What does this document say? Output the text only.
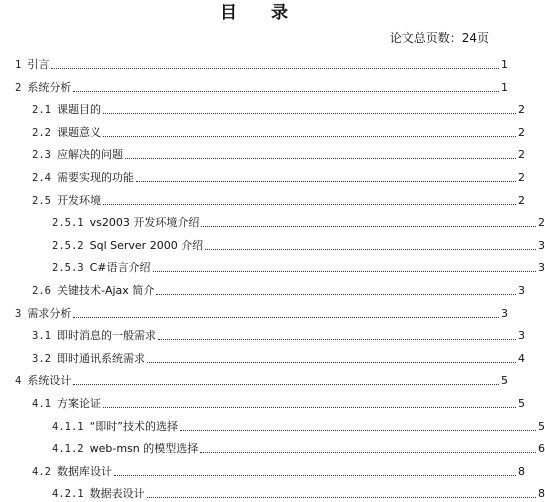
目 录
论文总页数：24页
1 引言	1
2 系统分析	1
2.1 课题目的	2
2.2 课题意义	2
2.3 应解决的问题	2
2.4 需要实现的功能	2
2.5 开发环境	2
2.5.1 vs2003 开发环境介绍	2
2.5.2 Sql Server 2000 介绍	3
2.5.3 C#语言介绍	3
2.6 关键技术-Ajax 简介	3
3 需求分析	3
3.1 即时消息的一般需求	3
3.2 即时通讯系统需求	4
4 系统设计	5
4.1 方案论证	5
4.1.1 “即时”技术的选择	5
4.1.2 web-msn 的模型选择	6
4.2 数据库设计	8
4.2.1 数据表设计	8
